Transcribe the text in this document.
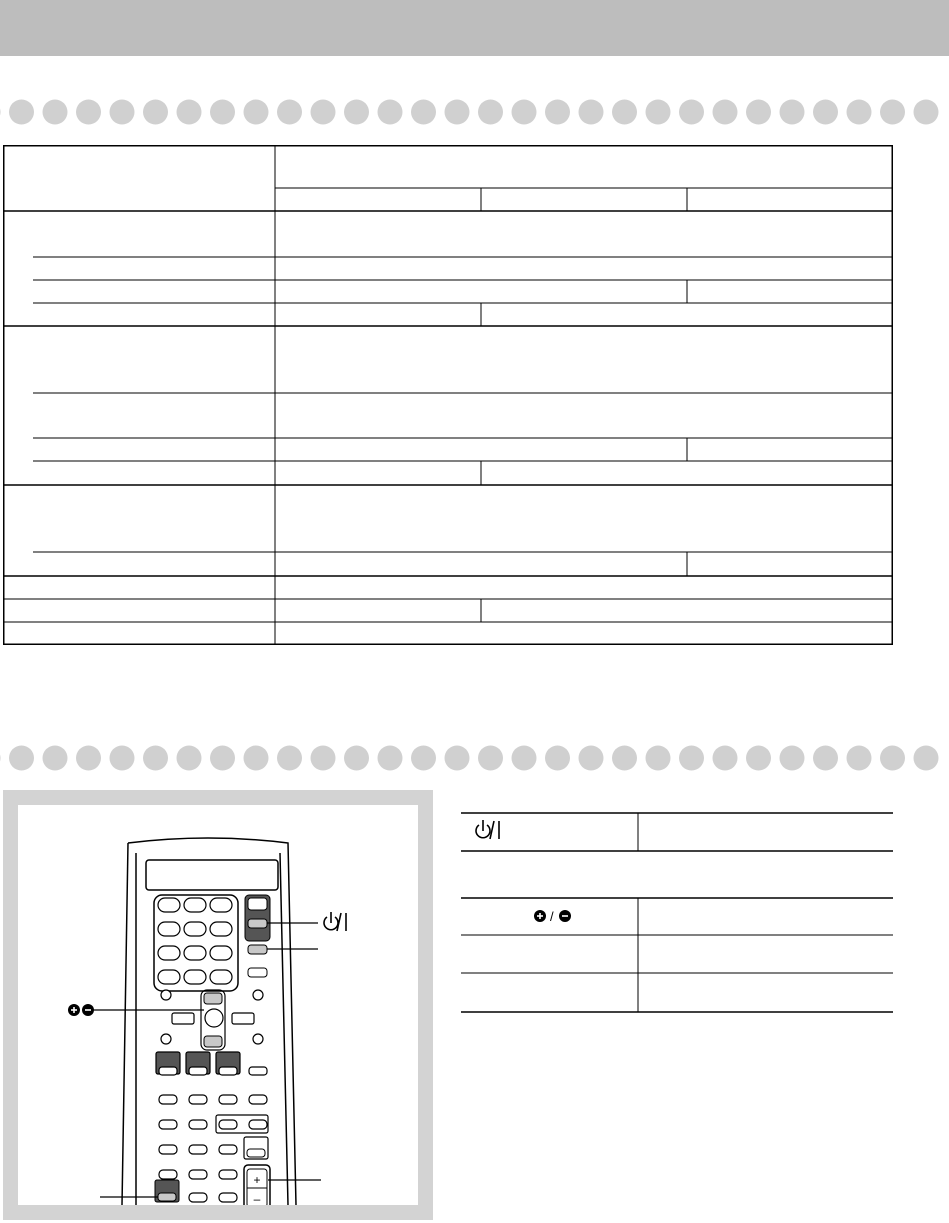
+
–
/
